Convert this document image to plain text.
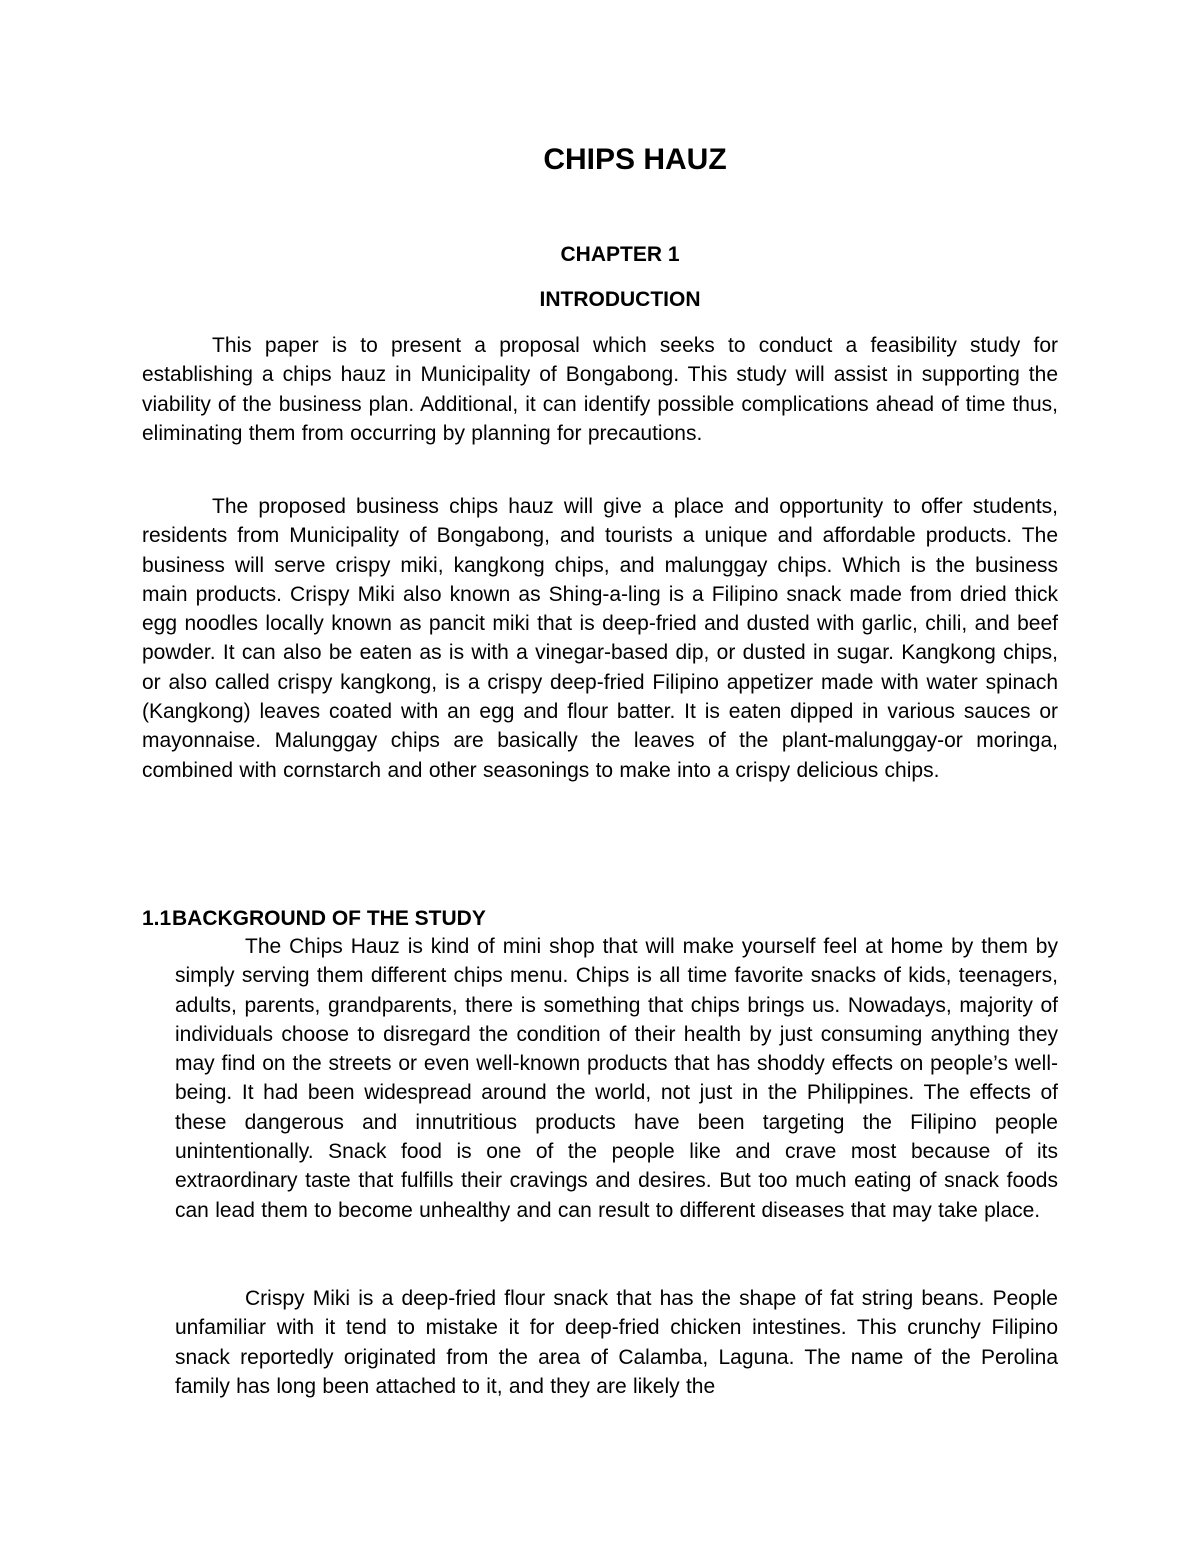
CHIPS HAUZ
CHAPTER 1
INTRODUCTION

This paper is to present a proposal which seeks to conduct a feasibility study for establishing a chips hauz in Municipality of Bongabong. This study will assist in supporting the viability of the business plan. Additional, it can identify possible complications ahead of time thus, eliminating them from occurring by planning for precautions.

The proposed business chips hauz will give a place and opportunity to offer students, residents from Municipality of Bongabong, and tourists a unique and affordable products. The business will serve crispy miki, kangkong chips, and malunggay chips. Which is the business main products. Crispy Miki also known as Shing-a-ling is a Filipino snack made from dried thick egg noodles locally known as pancit miki that is deep-fried and dusted with garlic, chili, and beef powder. It can also be eaten as is with a vinegar-based dip, or dusted in sugar. Kangkong chips, or also called crispy kangkong, is a crispy deep-fried Filipino appetizer made with water spinach (Kangkong) leaves coated with an egg and flour batter. It is eaten dipped in various sauces or mayonnaise. Malunggay chips are basically the leaves of the plant-malunggay-or moringa, combined with cornstarch and other seasonings to make into a crispy delicious chips.

1.1BACKGROUND OF THE STUDY

The Chips Hauz is kind of mini shop that will make yourself feel at home by them by simply serving them different chips menu. Chips is all time favorite snacks of kids, teenagers, adults, parents, grandparents, there is something that chips brings us. Nowadays, majority of individuals choose to disregard the condition of their health by just consuming anything they may find on the streets or even well-known products that has shoddy effects on people’s well-being. It had been widespread around the world, not just in the Philippines. The effects of these dangerous and innutritious products have been targeting the Filipino people unintentionally. Snack food is one of the people like and crave most because of its extraordinary taste that fulfills their cravings and desires. But too much eating of snack foods can lead them to become unhealthy and can result to different diseases that may take place.

Crispy Miki is a deep-fried flour snack that has the shape of fat string beans. People unfamiliar with it tend to mistake it for deep-fried chicken intestines. This crunchy Filipino snack reportedly originated from the area of Calamba, Laguna. The name of the Perolina family has long been attached to it, and they are likely the
